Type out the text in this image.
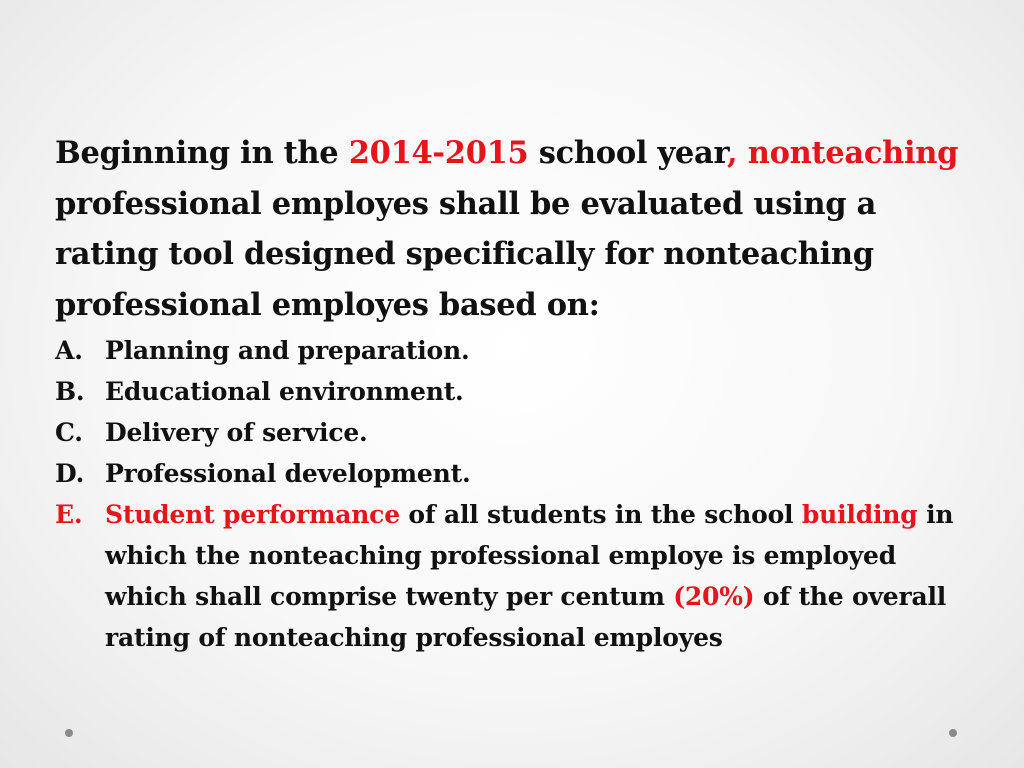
Beginning in the 2014-2015 school year, nonteaching professional employes shall be evaluated using a rating tool designed specifically for nonteaching professional employes based on:

A. Planning and preparation.
B. Educational environment.
C. Delivery of service.
D. Professional development.
E. Student performance of all students in the school building in which the nonteaching professional employe is employed which shall comprise twenty per centum (20%) of the overall rating of nonteaching professional employes
